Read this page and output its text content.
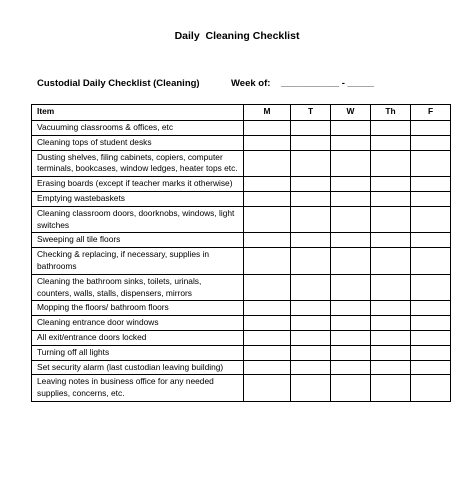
Daily  Cleaning Checklist
Custodial Daily Checklist (Cleaning)	Week of:    ___________ - _____
Item	M	T	W	Th	F
Vacuuming classrooms & offices, etc					
Cleaning tops of student desks					
Dusting shelves, filing cabinets, copiers, computer terminals, bookcases, window ledges, heater tops etc.					
Erasing boards (except if teacher marks it otherwise)					
Emptying wastebaskets					
Cleaning classroom doors, doorknobs, windows, light switches					
Sweeping all tile floors					
Checking & replacing, if necessary, supplies in bathrooms					
Cleaning the bathroom sinks, toilets, urinals, counters, walls, stalls, dispensers, mirrors					
Mopping the floors/ bathroom floors					
Cleaning entrance door windows					
All exit/entrance doors locked					
Turning off all lights					
Set security alarm (last custodian leaving building)					
Leaving notes in business office for any needed supplies, concerns, etc.					
